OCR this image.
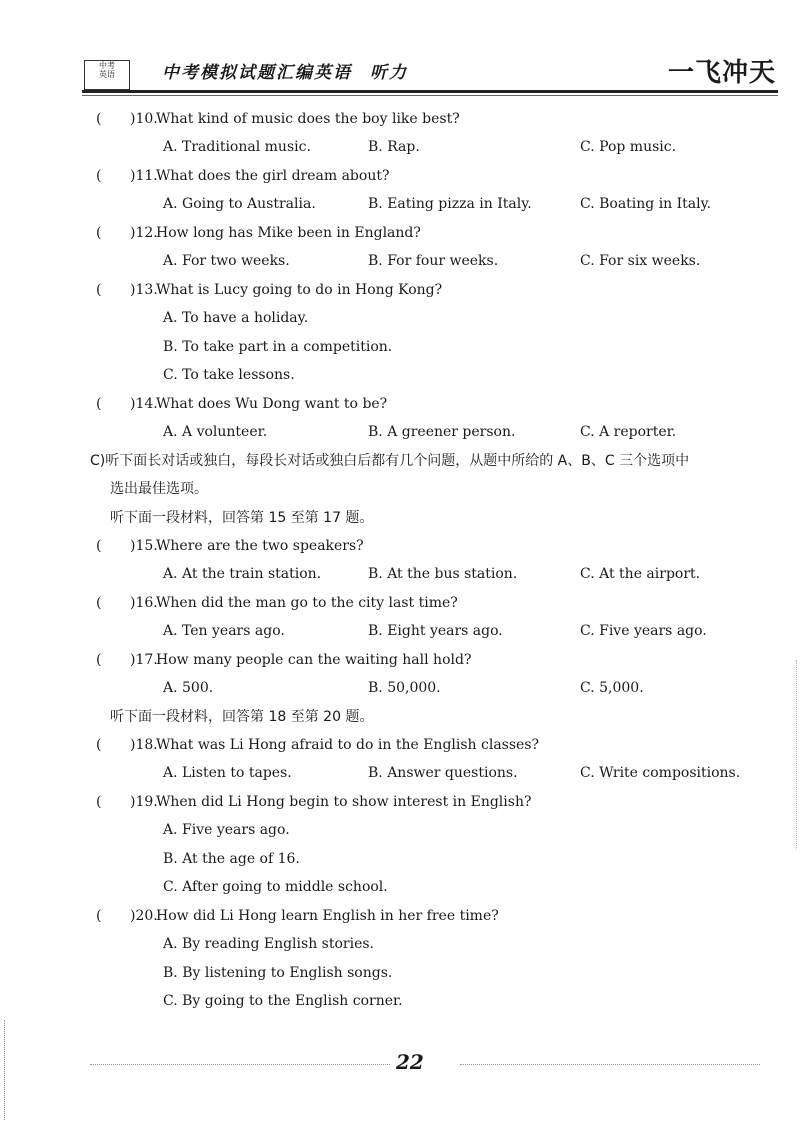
中考
英语	中考模拟试题汇编英语 听力	一飞冲天
( )10.
What kind of music does the boy like best?
A. Traditional music.	B. Rap.	C. Pop music.
( )11.
What does the girl dream about?
A. Going to Australia.	B. Eating pizza in Italy.	C. Boating in Italy.
( )12.
How long has Mike been in England?
A. For two weeks.	B. For four weeks.	C. For six weeks.
( )13.
What is Lucy going to do in Hong Kong?
A. To have a holiday.
B. To take part in a competition.
C. To take lessons.
( )14.
What does Wu Dong want to be?
A. A volunteer.	B. A greener person.	C. A reporter.
C)听下面长对话或独白，每段长对话或独白后都有几个问题，从题中所给的 A、B、C 三个选项中
选出最佳选项。
听下面一段材料，回答第 15 至第 17 题。
( )15.
Where are the two speakers?
A. At the train station.	B. At the bus station.	C. At the airport.
( )16.
When did the man go to the city last time?
A. Ten years ago.	B. Eight years ago.	C. Five years ago.
( )17.
How many people can the waiting hall hold?
A. 500.	B. 50,000.	C. 5,000.
听下面一段材料，回答第 18 至第 20 题。
( )18.
What was Li Hong afraid to do in the English classes?
A. Listen to tapes.	B. Answer questions.	C. Write compositions.
( )19.
When did Li Hong begin to show interest in English?
A. Five years ago.
B. At the age of 16.
C. After going to middle school.
( )20.
How did Li Hong learn English in her free time?
A. By reading English stories.
B. By listening to English songs.
C. By going to the English corner.
22
